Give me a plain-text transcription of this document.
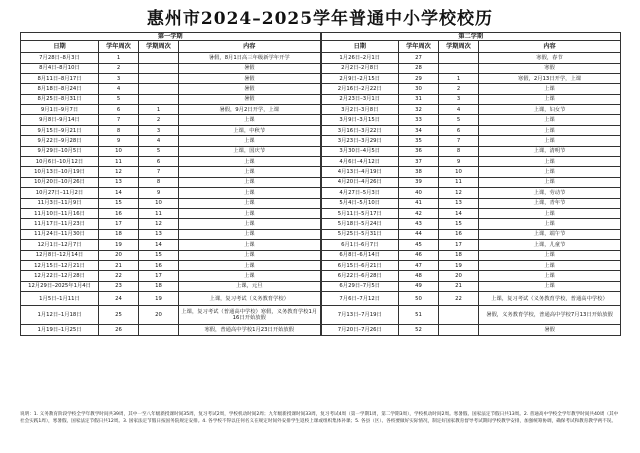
惠州市2024–2025学年普通中小学校校历
第一学期				第二学期			
日期	学年周次	学期周次	内容	日期	学年周次	学期周次	内容
7月28日–8月3日	1		暑假，8月1日高三年级新学年开学	1月26日–2月1日	27		寒假，春节
8月4日–8月10日	2		暑假	2月2日–2月8日	28		寒假
8月11日–8月17日	3		暑假	2月9日–2月15日	29	1	寒假，2月13日开学，上课
8月18日–8月24日	4		暑假	2月16日–2月22日	30	2	上课
8月25日–8月31日	5		暑假	2月23日–3月1日	31	3	上课
9月1日–9月7日	6	1	暑假，9月2日开学，上课	3月2日–3月8日	32	4	上课，妇女节
9月8日–9月14日	7	2	上课	3月9日–3月15日	33	5	上课
9月15日–9月21日	8	3	上课，中秋节	3月16日–3月22日	34	6	上课
9月22日–9月28日	9	4	上课	3月23日–3月29日	35	7	上课
9月29日–10月5日	10	5	上课，国庆节	3月30日–4月5日	36	8	上课，清明节
10月6日–10月12日	11	6	上课	4月6日–4月12日	37	9	上课
10月13日–10月19日	12	7	上课	4月13日–4月19日	38	10	上课
10月20日–10月26日	13	8	上课	4月20日–4月26日	39	11	上课
10月27日–11月2日	14	9	上课	4月27日–5月3日	40	12	上课，劳动节
11月3日–11月9日	15	10	上课	5月4日–5月10日	41	13	上课，青年节
11月10日–11月16日	16	11	上课	5月11日–5月17日	42	14	上课
11月17日–11月23日	17	12	上课	5月18日–5月24日	43	15	上课
11月24日–11月30日	18	13	上课	5月25日–5月31日	44	16	上课，端午节
12月1日–12月7日	19	14	上课	6月1日–6月7日	45	17	上课，儿童节
12月8日–12月14日	20	15	上课	6月8日–6月14日	46	18	上课
12月15日–12月21日	21	16	上课	6月15日–6月21日	47	19	上课
12月22日–12月28日	22	17	上课	6月22日–6月28日	48	20	上课
12月29日–2025年1月4日	23	18	上课，元旦	6月29日–7月5日	49	21	上课
1月5日–1月11日	24	19	上课，复习考试（义务教育学校）	7月6日–7月12日	50	22	上课，复习考试（义务教育学校，普通高中学校）
1月12日–1月18日	25	20	上课，复习考试（普通高中学校）寒假，义务教育学校1月16日开始放假	7月13日–7月19日	51		暑假，义务教育学校，普通高中学校7月13日开始放假
1月19日–1月25日	26		寒假，普通高中学校1月23日开始放假	7月20日–7月26日	52		暑假
说明：1. 义务教育阶段学校全学年教学时间共39周，其中一至八年级新授课时间35周，复习考试2周，学校机动时间2周；九年级新授课时间33周，复习考试4周（第一学期1周，第二学期3周），学校机动时间2周。寒暑假、国家法定节假日共13周。2. 普通高中学校全学年教学时间共40周（其中社会实践1周），寒暑假、国家法定节假日共12周。3. 国家法定节假日按国务院规定安排。4. 各学校不得以任何名义在规定时间外安排学生返校上课或组织集体补课；5. 各县（区）、各校要做好实际情况，制定好国家教育督导考试期间学校教学安排，加强统筹协调，确保考试和教育教学两不误。
